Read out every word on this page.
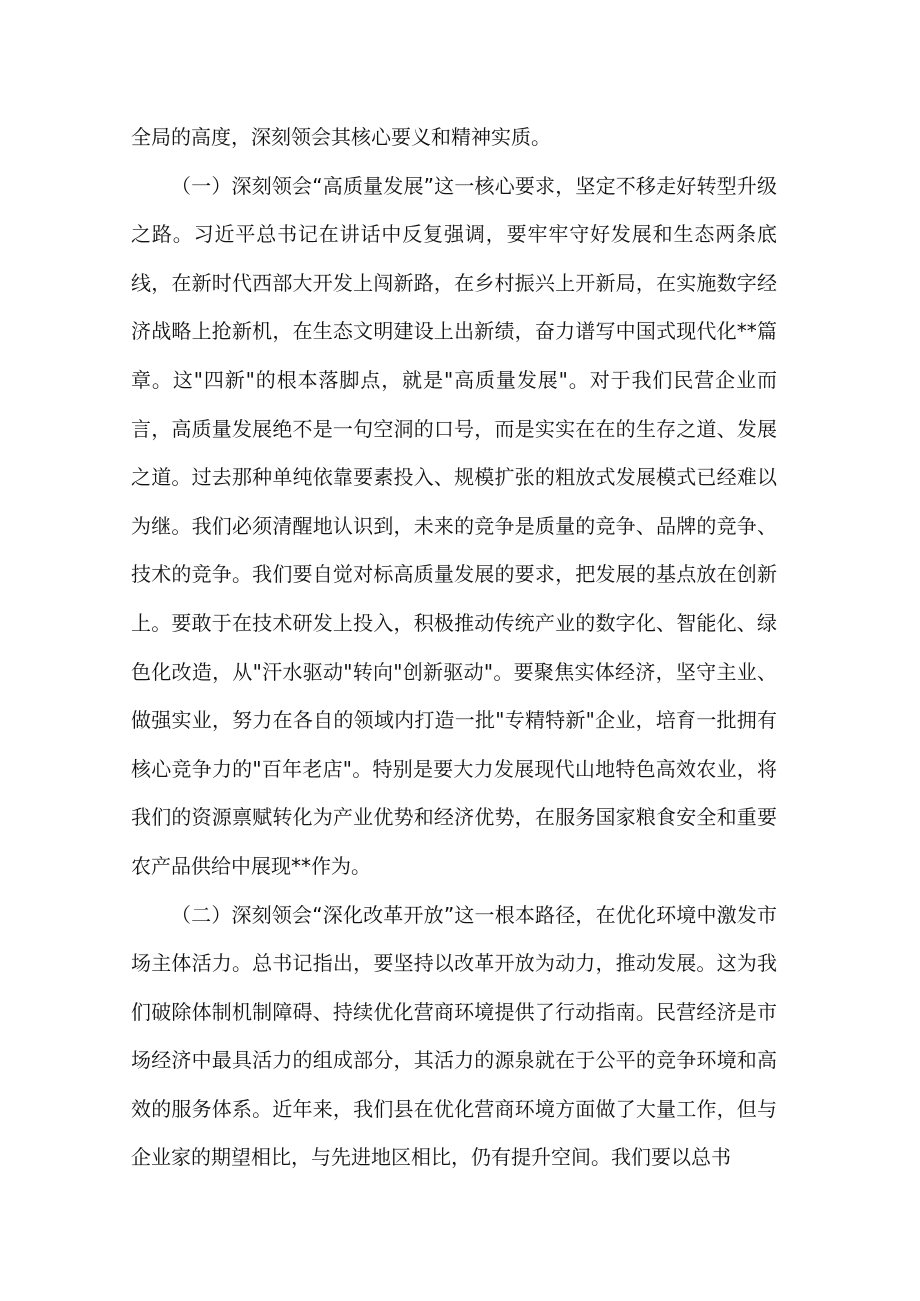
全局的高度，深刻领会其核心要义和精神实质。

（一）深刻领会“高质量发展”这一核心要求，坚定不移走好转型升级之路。习近平总书记在讲话中反复强调，要牢牢守好发展和生态两条底线，在新时代西部大开发上闯新路，在乡村振兴上开新局，在实施数字经济战略上抢新机，在生态文明建设上出新绩，奋力谱写中国式现代化**篇章。这"四新"的根本落脚点，就是"高质量发展"。对于我们民营企业而言，高质量发展绝不是一句空洞的口号，而是实实在在的生存之道、发展之道。过去那种单纯依靠要素投入、规模扩张的粗放式发展模式已经难以为继。我们必须清醒地认识到，未来的竞争是质量的竞争、品牌的竞争、技术的竞争。我们要自觉对标高质量发展的要求，把发展的基点放在创新上。要敢于在技术研发上投入，积极推动传统产业的数字化、智能化、绿色化改造，从"汗水驱动"转向"创新驱动"。要聚焦实体经济，坚守主业、做强实业，努力在各自的领域内打造一批"专精特新"企业，培育一批拥有核心竞争力的"百年老店"。特别是要大力发展现代山地特色高效农业，将我们的资源禀赋转化为产业优势和经济优势，在服务国家粮食安全和重要农产品供给中展现**作为。

（二）深刻领会“深化改革开放”这一根本路径，在优化环境中激发市场主体活力。总书记指出，要坚持以改革开放为动力，推动发展。这为我们破除体制机制障碍、持续优化营商环境提供了行动指南。民营经济是市场经济中最具活力的组成部分，其活力的源泉就在于公平的竞争环境和高效的服务体系。近年来，我们县在优化营商环境方面做了大量工作，但与企业家的期望相比，与先进地区相比，仍有提升空间。我们要以总书
